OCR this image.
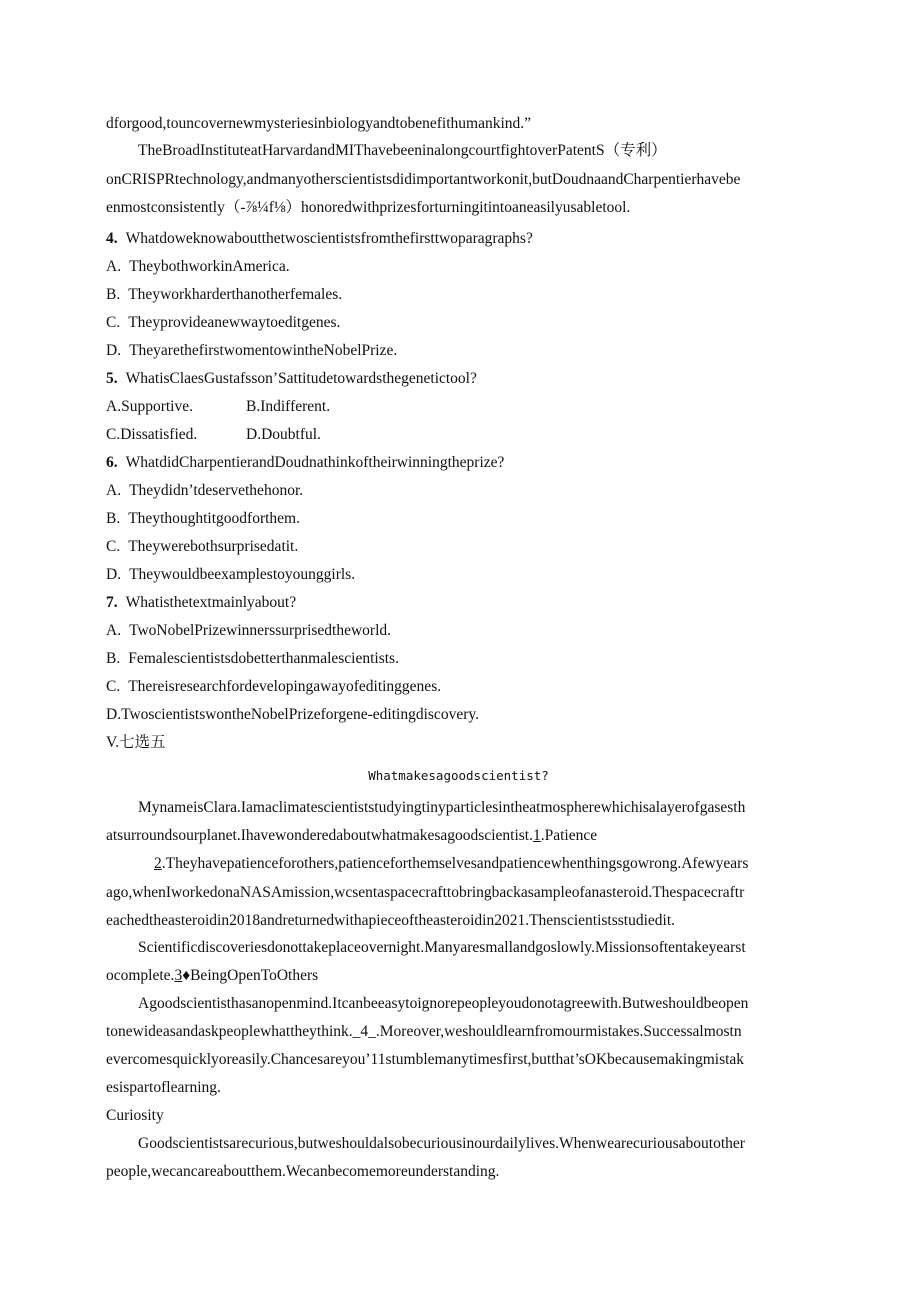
dforgood,touncovernewmysteriesinbiologyandtobenefithumankind.”
TheBroadInstituteatHarvardandMIThavebeeninalongcourtfightoverPatentS（专利）
onCRISPRtechnology,andmanyotherscientistsdidimportantworkonit,butDoudnaandCharpentierhavebe
enmostconsistently（-⅞¼f⅛）honoredwithprizesforturningitintoaneasilyusabletool.
4. Whatdoweknowaboutthetwoscientistsfromthefirsttwoparagraphs?
A. TheybothworkinAmerica.
B. Theyworkharderthanotherfemales.
C. Theyprovideanewwaytoeditgenes.
D. TheyarethefirstwomentowintheNobelPrize.
5. WhatisClaesGustafsson’Sattitudetowardsthegenetictool?
A.Supportive.	B.Indifferent.
C.Dissatisfied.	D.Doubtful.
6. WhatdidCharpentierandDoudnathinkoftheirwinningtheprize?
A. Theydidn’tdeservethehonor.
B. Theythoughtitgoodforthem.
C. Theywerebothsurprisedatit.
D. Theywouldbeexamplestoyounggirls.
7. Whatisthetextmainlyabout?
A. TwoNobelPrizewinnerssurprisedtheworld.
B. Femalescientistsdobetterthanmalescientists.
C. Thereisresearchfordevelopingawayofeditinggenes.
D.TwoscientistswontheNobelPrizeforgene-editingdiscovery.
V.七选五
Whatmakesagoodscientist?
MynameisClara.Iamaclimatescientiststudyingtinyparticlesintheatmospherewhichisalayerofgasesth
atsurroundsourplanet.Ihavewonderedaboutwhatmakesagoodscientist.1.Patience
2.Theyhavepatienceforothers,patienceforthemselvesandpatiencewhenthingsgowrong.Afewyears
ago,whenIworkedonaNASAmission,wcsentaspacecrafttobringbackasampleofanasteroid.Thespacecraftr
eachedtheasteroidin2018andreturnedwithapieceoftheasteroidin2021.Thenscientistsstudiedit.
Scientificdiscoveriesdonottakeplaceovernight.Manyaresmallandgoslowly.Missionsoftentakeyearst
ocomplete.3♦BeingOpenToOthers
Agoodscientisthasanopenmind.Itcanbeeasytoignorepeopleyoudonotagreewith.Butweshouldbeopen
tonewideasandaskpeoplewhattheythink._4_.Moreover,weshouldlearnfromourmistakes.Successalmostn
evercomesquicklyoreasily.Chancesareyou’11stumblemanytimesfirst,butthat’sOKbecausemakingmistak
esispartoflearning.
Curiosity
Goodscientistsarecurious,butweshouldalsobecuriousinourdailylives.Whenwearecuriousaboutother
people,wecancareaboutthem.Wecanbecomemoreunderstanding.
